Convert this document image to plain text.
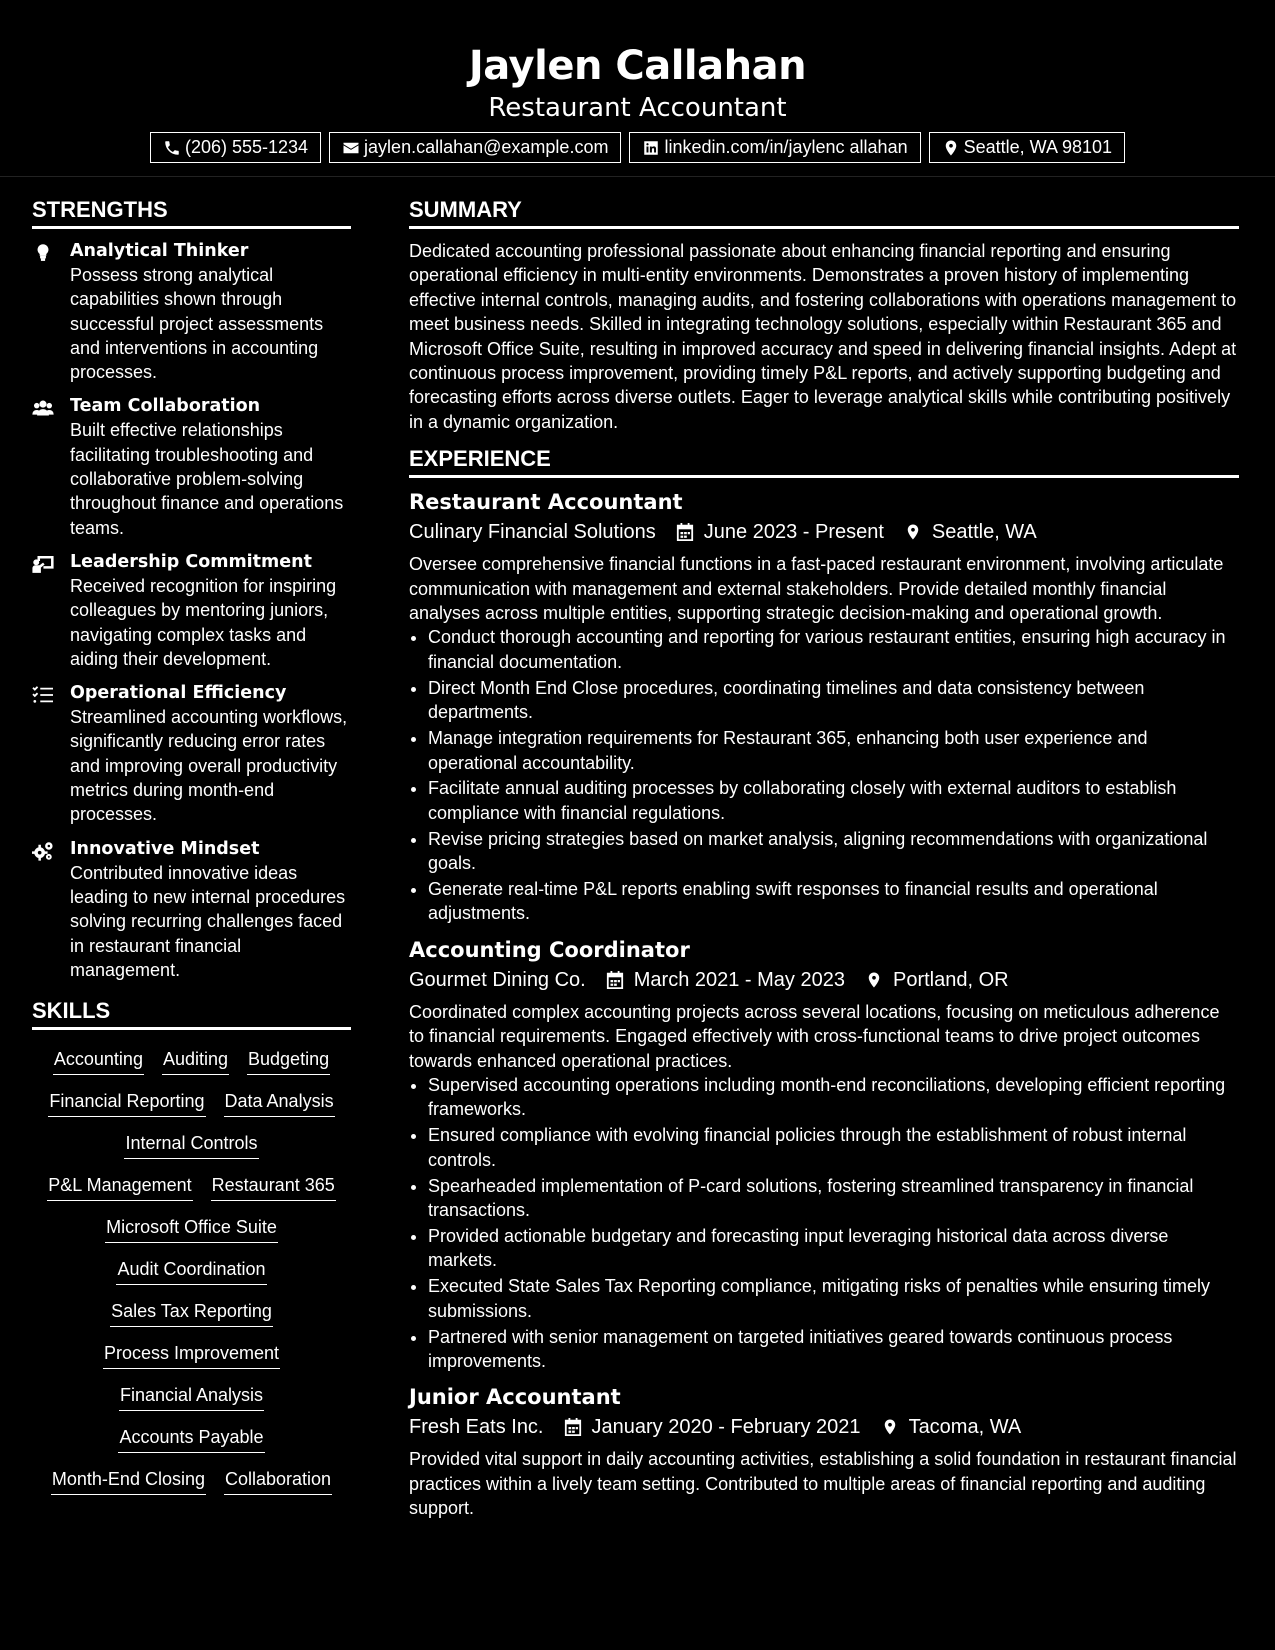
Jaylen Callahan
Restaurant Accountant
(206) 555-1234	jaylen.callahan@example.com	linkedin.com/in/jaylenc allahan	Seattle, WA 98101
STRENGTHS
Analytical Thinker
Possess strong analytical capabilities shown through successful project assessments and interventions in accounting processes.
Team Collaboration
Built effective relationships facilitating troubleshooting and collaborative problem-solving throughout finance and operations teams.
Leadership Commitment
Received recognition for inspiring colleagues by mentoring juniors, navigating complex tasks and aiding their development.
Operational Efficiency
Streamlined accounting workflows, significantly reducing error rates and improving overall productivity metrics during month-end processes.
Innovative Mindset
Contributed innovative ideas leading to new internal procedures solving recurring challenges faced in restaurant financial management.
SKILLS
Accounting Auditing Budgeting
Financial Reporting Data Analysis
Internal Controls
P&L Management Restaurant 365
Microsoft Office Suite
Audit Coordination
Sales Tax Reporting
Process Improvement
Financial Analysis
Accounts Payable
Month-End Closing Collaboration
SUMMARY
Dedicated accounting professional passionate about enhancing financial reporting and ensuring operational efficiency in multi-entity environments. Demonstrates a proven history of implementing effective internal controls, managing audits, and fostering collaborations with operations management to meet business needs. Skilled in integrating technology solutions, especially within Restaurant 365 and Microsoft Office Suite, resulting in improved accuracy and speed in delivering financial insights. Adept at continuous process improvement, providing timely P&L reports, and actively supporting budgeting and forecasting efforts across diverse outlets. Eager to leverage analytical skills while contributing positively in a dynamic organization.
EXPERIENCE
Restaurant Accountant
Culinary Financial Solutions June 2023 - Present Seattle, WA
Oversee comprehensive financial functions in a fast-paced restaurant environment, involving articulate communication with management and external stakeholders. Provide detailed monthly financial analyses across multiple entities, supporting strategic decision-making and operational growth.
• Conduct thorough accounting and reporting for various restaurant entities, ensuring high accuracy in financial documentation.
• Direct Month End Close procedures, coordinating timelines and data consistency between departments.
• Manage integration requirements for Restaurant 365, enhancing both user experience and operational accountability.
• Facilitate annual auditing processes by collaborating closely with external auditors to establish compliance with financial regulations.
• Revise pricing strategies based on market analysis, aligning recommendations with organizational goals.
• Generate real-time P&L reports enabling swift responses to financial results and operational adjustments.
Accounting Coordinator
Gourmet Dining Co. March 2021 - May 2023 Portland, OR
Coordinated complex accounting projects across several locations, focusing on meticulous adherence to financial requirements. Engaged effectively with cross-functional teams to drive project outcomes towards enhanced operational practices.
• Supervised accounting operations including month-end reconciliations, developing efficient reporting frameworks.
• Ensured compliance with evolving financial policies through the establishment of robust internal controls.
• Spearheaded implementation of P-card solutions, fostering streamlined transparency in financial transactions.
• Provided actionable budgetary and forecasting input leveraging historical data across diverse markets.
• Executed State Sales Tax Reporting compliance, mitigating risks of penalties while ensuring timely submissions.
• Partnered with senior management on targeted initiatives geared towards continuous process improvements.
Junior Accountant
Fresh Eats Inc. January 2020 - February 2021 Tacoma, WA
Provided vital support in daily accounting activities, establishing a solid foundation in restaurant financial practices within a lively team setting. Contributed to multiple areas of financial reporting and auditing support.
